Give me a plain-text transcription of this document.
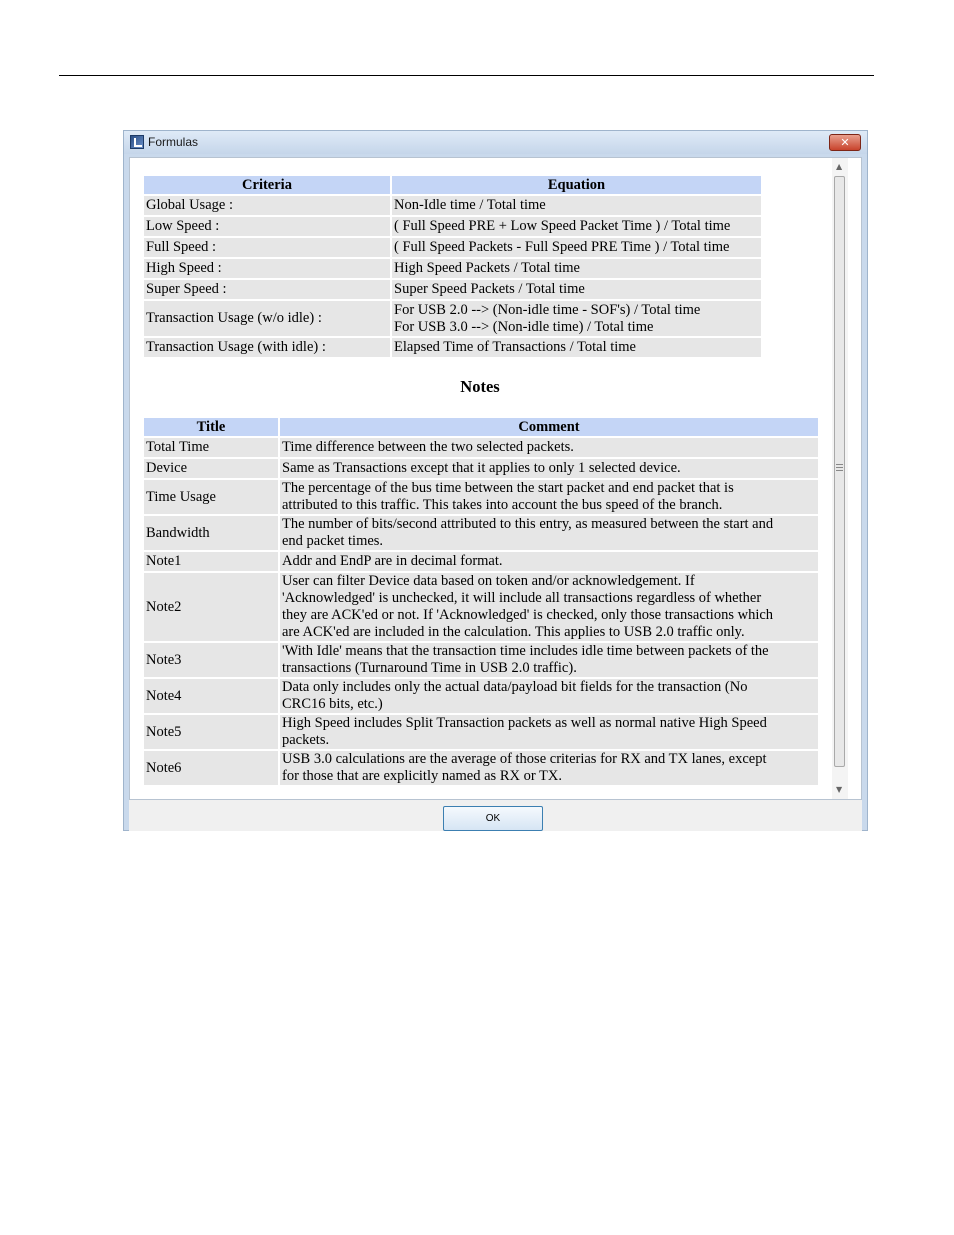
Formulas	✕
Criteria	Equation
Global Usage :	Non-Idle time / Total time
Low Speed :	( Full Speed PRE + Low Speed Packet Time ) / Total time
Full Speed :	( Full Speed Packets - Full Speed PRE Time ) / Total time
High Speed :	High Speed Packets / Total time
Super Speed :	Super Speed Packets / Total time
Transaction Usage (w/o idle) :	For USB 2.0 --> (Non-idle time - SOF's) / Total time
For USB 3.0 --> (Non-idle time) / Total time

Transaction Usage (with idle) :	Elapsed Time of Transactions / Total time
Notes
Title	Comment
Total Time	Time difference between the two selected packets.

Device	Same as Transactions except that it applies to only 1 selected device.

Time Usage	The percentage of the bus time between the start packet and end packet that is
attributed to this traffic. This takes into account the bus speed of the branch.

Bandwidth	The number of bits/second attributed to this entry, as measured between the start and
end packet times.

Note1	Addr and EndP are in decimal format.

Note2	User can filter Device data based on token and/or acknowledgement. If
'Acknowledged' is unchecked, it will include all transactions regardless of whether
they are ACK'ed or not. If 'Acknowledged' is checked, only those transactions which
are ACK'ed are included in the calculation. This applies to USB 2.0 traffic only.

Note3	'With Idle' means that the transaction time includes idle time between packets of the
transactions (Turnaround Time in USB 2.0 traffic).

Note4	Data only includes only the actual data/payload bit fields for the transaction (No
CRC16 bits, etc.)

Note5	High Speed includes Split Transaction packets as well as normal native High Speed
packets.

Note6	USB 3.0 calculations are the average of those criterias for RX and TX lanes, except
for those that are explicitly named as RX or TX.
▲
▼
OK
